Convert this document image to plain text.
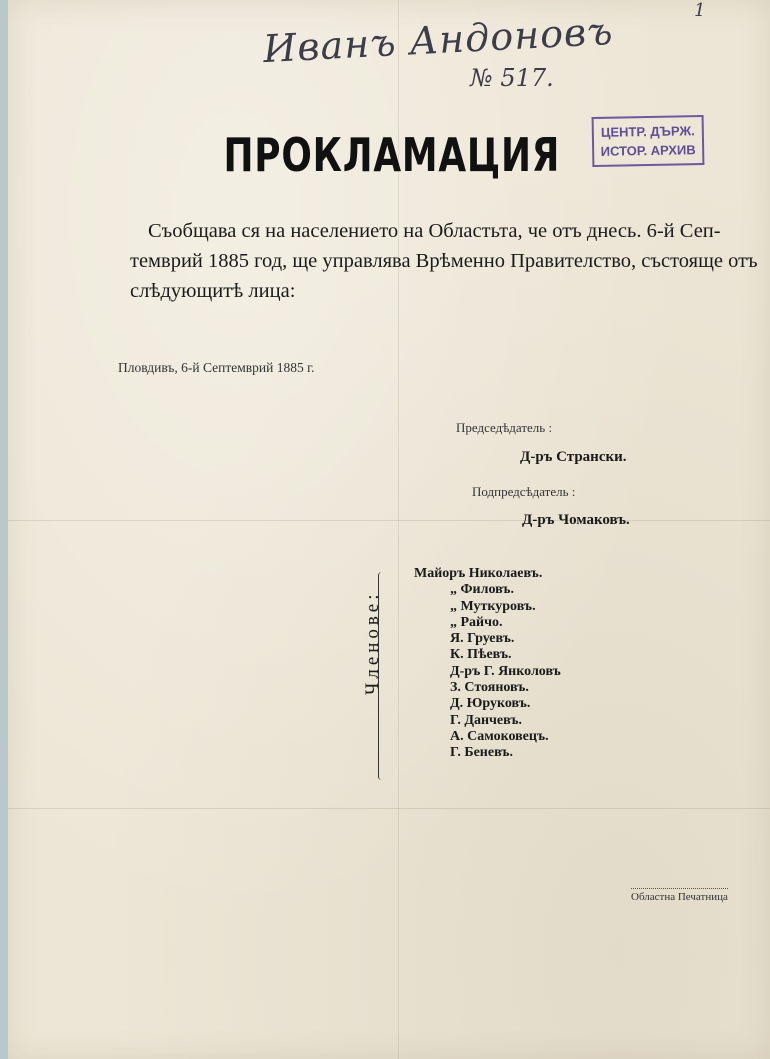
Иванъ Андоновъ
№ 517.
1
ЦЕНТР. ДЪРЖ.
ИСТОР. АРХИВ
ПРОКЛАМАЦИЯ

Съобщава ся на населението на Областьта, че отъ днесь. 6-й Сеп-
темврий 1885 год, ще управлява Врѣменно Правителство, състояще отъ
слѣдующитѣ лица:

Пловдивъ, 6-й Септемврий 1885 г.
Председѣдатель :
Д-ръ Странски.
Подпредсѣдатель :
Д-ръ Чомаковъ.
Членове:
Майоръ Николаевъ.
„ Филовъ.
„ Муткуровъ.
„ Райчо.
Я. Груевъ.
К. Пѣевъ.
Д-ръ Г. Янколовъ
З. Стояновъ.
Д. Юруковъ.
Г. Данчевъ.
А. Самоковецъ.
Г. Беневъ.
Областна Печатница
